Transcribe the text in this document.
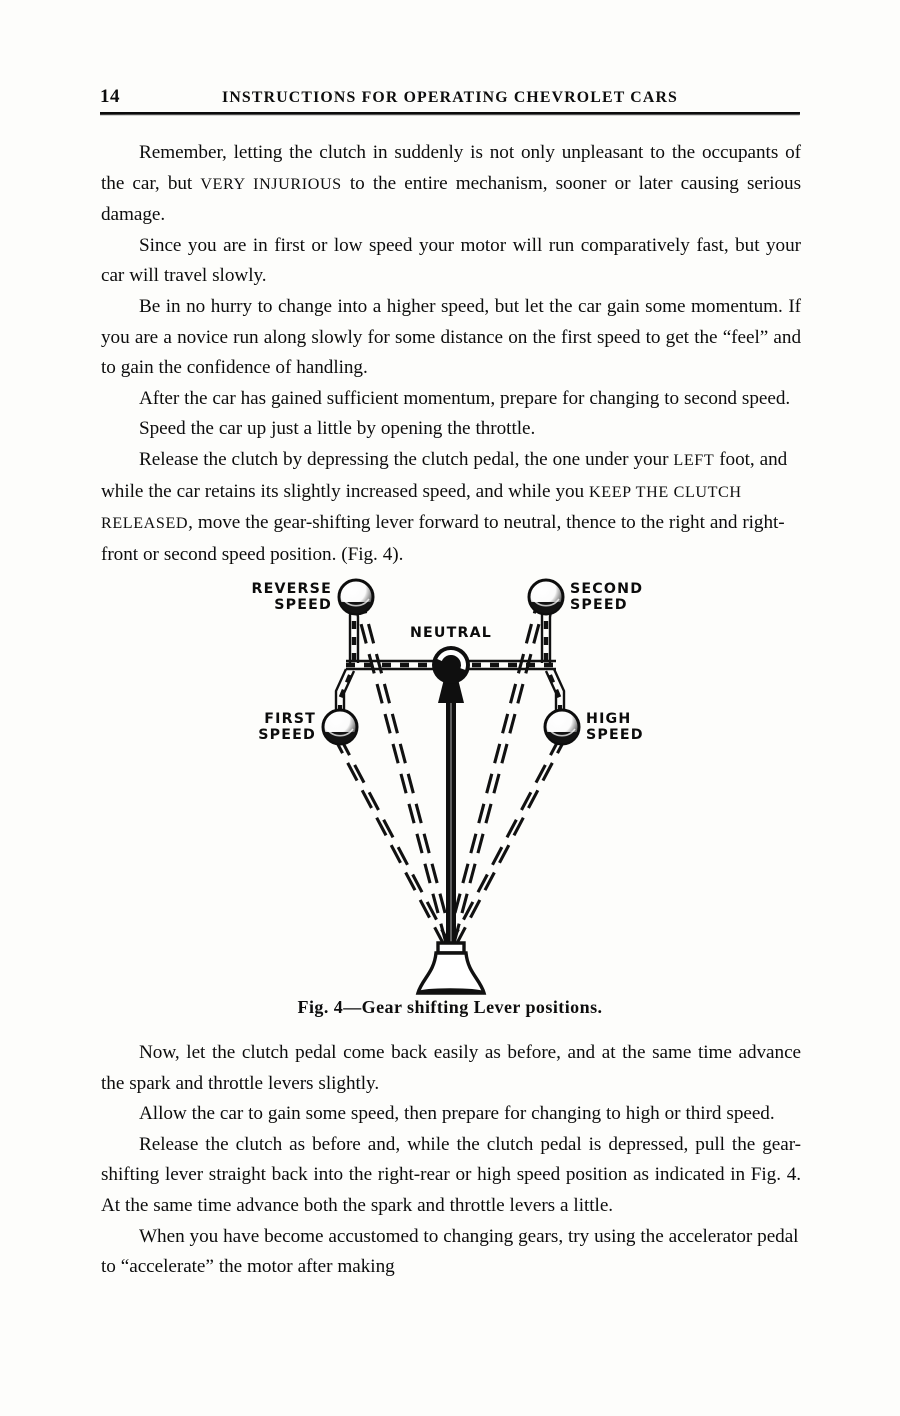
14	INSTRUCTIONS FOR OPERATING CHEVROLET CARS

Remember, letting the clutch in suddenly is not only unpleasant to the occupants of the car, but VERY INJURIOUS to the entire mechanism, sooner or later causing serious damage.

Since you are in first or low speed your motor will run comparatively fast, but your car will travel slowly.

Be in no hurry to change into a higher speed, but let the car gain some momentum. If you are a novice run along slowly for some distance on the first speed to get the “feel” and to gain the confidence of handling.

After the car has gained sufficient momentum, prepare for changing to second speed.

Speed the car up just a little by opening the throttle.

Release the clutch by depressing the clutch pedal, the one under your LEFT foot, and while the car retains its slightly increased speed, and while you KEEP THE CLUTCH RELEASED, move the gear-shifting lever forward to neutral, thence to the right and right-front or second speed position. (Fig. 4).

REVERSE
SPEED
SECOND
SPEED
FIRST
SPEED
HIGH
SPEED
NEUTRAL
Fig. 4—Gear shifting Lever positions.

Now, let the clutch pedal come back easily as before, and at the same time advance the spark and throttle levers slightly.

Allow the car to gain some speed, then prepare for changing to high or third speed.

Release the clutch as before and, while the clutch pedal is depressed, pull the gear-shifting lever straight back into the right-rear or high speed position as indicated in Fig. 4. At the same time advance both the spark and throttle levers a little.

When you have become accustomed to changing gears, try using the accelerator pedal to “accelerate” the motor after making
